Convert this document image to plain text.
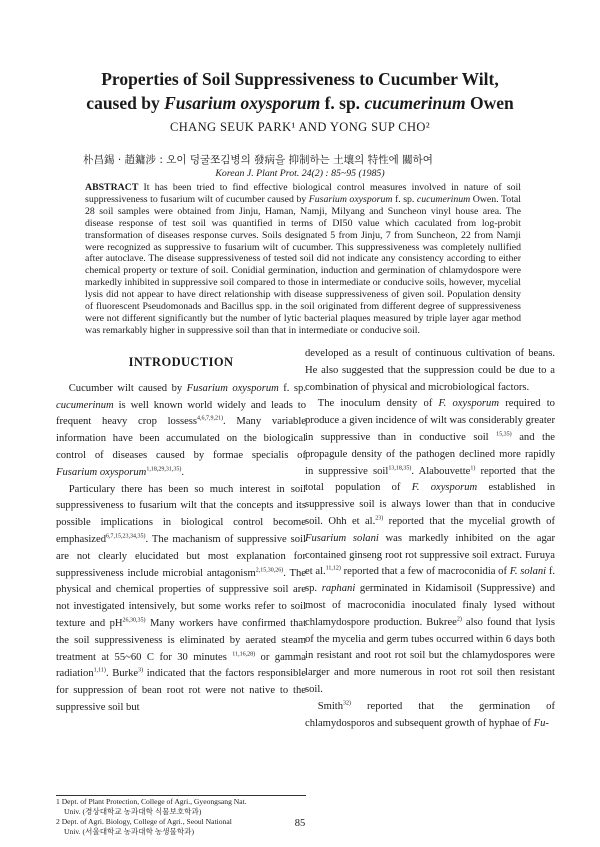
Properties of Soil Suppressiveness to Cucumber Wilt,
caused by Fusarium oxysporum f. sp. cucumerinum Owen
CHANG SEUK PARK¹ AND YONG SUP CHO²
朴昌錫 · 趙鏞涉 : 오이 덩굴쪼김병의 發病을 抑制하는 土壤의 特性에 關하여
Korean J. Plant Prot. 24(2) : 85~95 (1985)
ABSTRACT It has been tried to find effective biological control measures involved in nature of soil suppressiveness to fusarium wilt of cucumber caused by Fusarium oxysporum f. sp. cucumerinum Owen. Total 28 soil samples were obtained from Jinju, Haman, Namji, Milyang and Suncheon vinyl house area. The disease response of test soil was quantified in terms of DI50 value which caculated from log-probit transformation of diseases response curves. Soils designated 5 from Jinju, 7 from Suncheon, 22 from Namji were recognized as suppressive to fusarium wilt of cucumber. This suppressiveness was completely nullified after autoclave. The disease suppressiveness of tested soil did not indicate any consistency according to either chemical property or texture of soil. Conidial germination, induction and germination of chlamydospore were markedly inhibited in suppressive soil compared to those in intermediate or conducive soils, however, mycelial lysis did not appear to have direct relationship with disease suppressiveness of given soil. Population density of fluorescent Pseudomonads and Bacillus spp. in the soil originated from different degree of suppressiveness were not different significantly but the number of lytic bacterial plaques measured by triple layer agar method was remarkably higher in suppressive soil than that in intermediate or conducive soil.
INTRODUCTION

Cucumber wilt caused by Fusarium oxysporum f. sp. cucumerinum is well known world widely and leads to frequent heavy crop lossess$^{4,6,7,9,21)}$. Many variable information have been accumulated on the biological control of diseases caused by formae specialis of Fusarium oxysporum$^{1,18,29,31,35)}$.

Particulary there has been so much interest in soil suppressiveness to fusarium wilt that the concepts and its possible implications in biological control become emphasized$^{6,7,15,23,34,35)}$. The machanism of suppressive soil are not clearly elucidated but most explanation for suppressiveness include microbial antagonism$^{2,15,30,26)}$. The physical and chemical properties of suppressive soil are not investigated intensively, but some works refer to soil texture and pH$^{26,30,35)}$ Many workers have confirmed that the soil suppressiveness is eliminated by aerated steam treatment at 55~60 C for 30 minutes $^{11,16,28)}$ or gamma radiation$^{1,11)}$. Burke$^{3)}$ indicated that the factors responsible for suppression of bean root rot were not native to the suppressive soil but

developed as a result of continuous cultivation of beans. He also suggested that the suppression could be due to a combination of physical and microbiological factors.

The inoculum density of F. oxysporum required to produce a given incidence of wilt was considerably greater in suppressive than in conductive soil $^{15,35)}$ and the propagule density of the pathogen declined more rapidly in suppressive soil$^{13,18,35)}$. Alabouvette$^{1)}$ reported that the total population of F. oxysporum established in suppressive soil is always lower than that in conducive soil. Ohh et al.$^{23)}$ reported that the mycelial growth of Fusarium solani was markedly inhibited on the agar contained ginseng root rot suppressive soil extract. Furuya et al.$^{11,12)}$ reported that a few of macroconidia of F. solani f. sp. raphani germinated in Kidamisoil (Suppressive) and most of macroconidia inoculated finaly lysed without chlamydospore production. Bukree$^{2)}$ also found that lysis of the mycelia and germ tubes occurred within 6 days both in resistant and root rot soil but the chlamydospores were larger and more numerous in root rot soil then resistant soil.

Smith$^{32)}$ reported that the germination of chlamydosporos and subsequent growth of hyphae of Fu-

1 Dept. of Plant Protection, College of Agri., Gyeongsang Nat.
Univ. (경상대학교 농과대학 식물보호학과)
2 Dept. of Agri. Biology, College of Agri., Seoul National
Univ. (서울대학교 농과대학 농생물학과)
85
